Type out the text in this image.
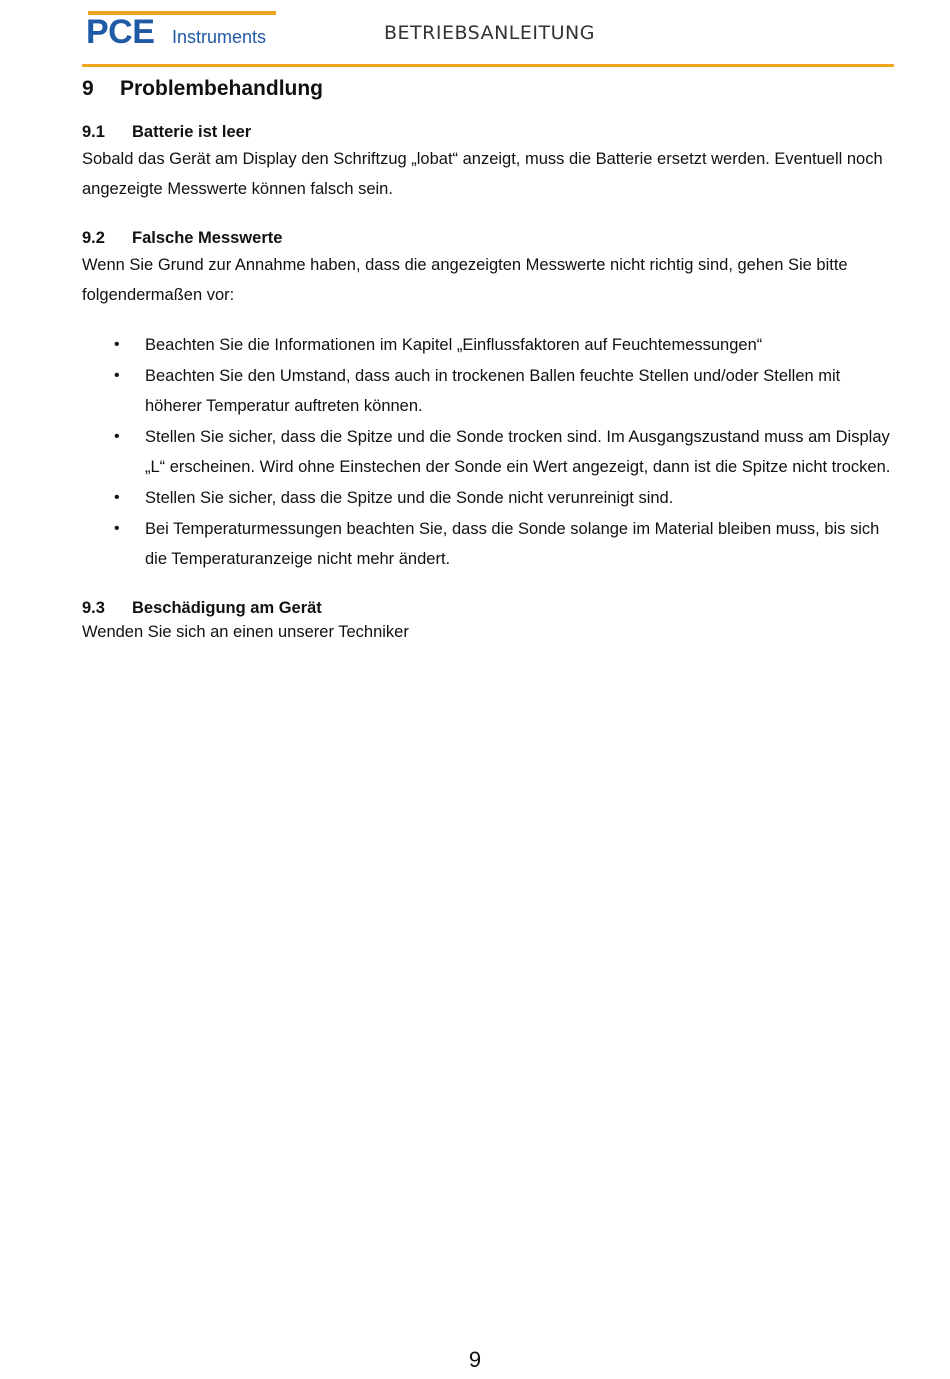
PCE Instruments	BETRIEBSANLEITUNG
9	Problembehandlung
9.1	Batterie ist leer

Sobald das Gerät am Display den Schriftzug „lobat“ anzeigt, muss die Batterie ersetzt werden. Eventuell noch angezeigte Messwerte können falsch sein.

9.2	Falsche Messwerte

Wenn Sie Grund zur Annahme haben, dass die angezeigten Messwerte nicht richtig sind, gehen Sie bitte folgendermaßen vor:

• Beachten Sie die Informationen im Kapitel „Einflussfaktoren auf Feuchtemessungen“
• Beachten Sie den Umstand, dass auch in trockenen Ballen feuchte Stellen und/oder Stellen mit höherer Temperatur auftreten können.
• Stellen Sie sicher, dass die Spitze und die Sonde trocken sind. Im Ausgangszustand muss am Display „L“ erscheinen. Wird ohne Einstechen der Sonde ein Wert angezeigt, dann ist die Spitze nicht trocken.
• Stellen Sie sicher, dass die Spitze und die Sonde nicht verunreinigt sind.
• Bei Temperaturmessungen beachten Sie, dass die Sonde solange im Material bleiben muss, bis sich die Temperaturanzeige nicht mehr ändert.
9.3	Beschädigung am Gerät

Wenden Sie sich an einen unserer Techniker

9
